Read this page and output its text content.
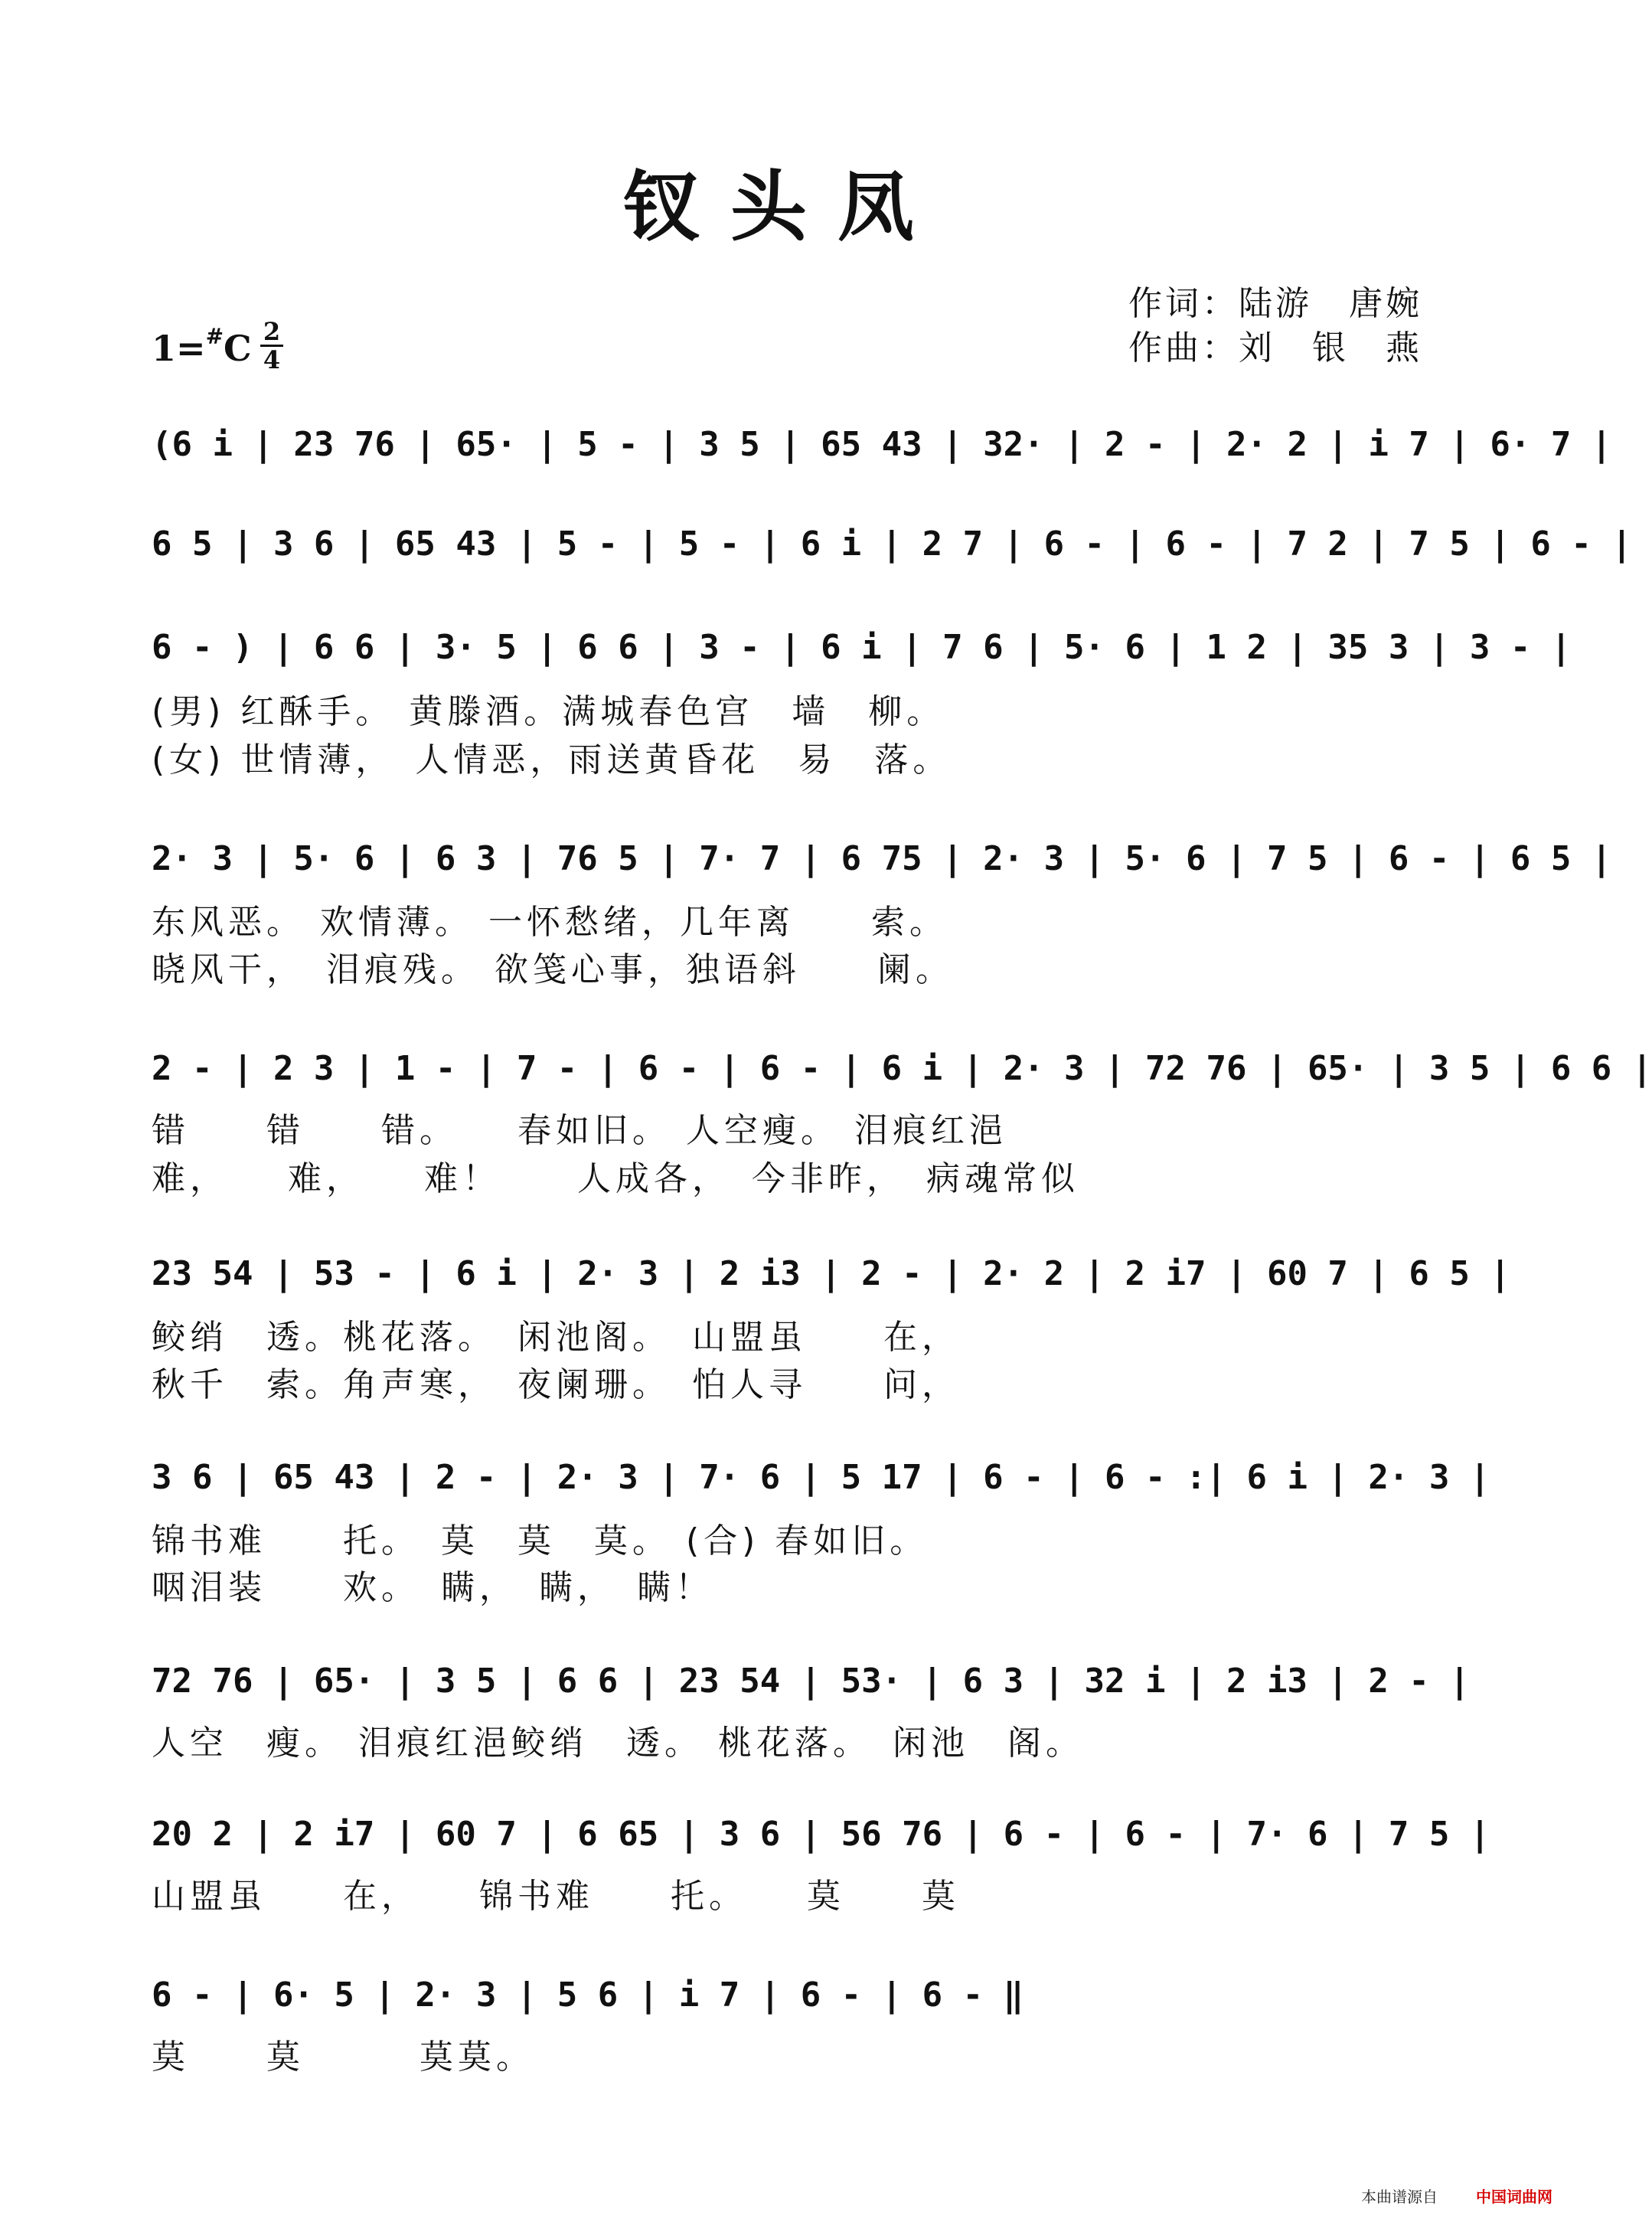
钗头凤
作词：陆游　唐婉
作曲：刘　银　燕
1=#C 2
4
(6 i | 23 76 | 65· | 5 - | 3 5 | 65 43 | 32· | 2 - | 2· 2 | i 7 | 6· 7 |
6 5 | 3 6 | 65 43 | 5 - | 5 - | 6 i | 2 7 | 6 - | 6 - | 7 2 | 7 5 | 6 - |
6 - ) | 6 6 | 3· 5 | 6 6 | 3 - | 6 i | 7 6 | 5· 6 | 1 2 | 35 3 | 3 - |
(男) 红酥手。 黄滕酒。满城春色宫　墙　柳。
(女) 世情薄，　人情恶，雨送黄昏花　易　落。
2· 3 | 5· 6 | 6 3 | 76 5 | 7· 7 | 6 75 | 2· 3 | 5· 6 | 7 5 | 6 - | 6 5 |
东风恶。 欢情薄。 一怀愁绪，几年离　　索。
晓风干，　泪痕残。 欲笺心事，独语斜　　阑。
2 - | 2 3 | 1 - | 7 - | 6 - | 6 - | 6 i | 2· 3 | 72 76 | 65· | 3 5 | 6 6 |
错　　错　　错。　　春如旧。 人空瘦。 泪痕红浥
难，　　难，　　难！　　人成各，　今非昨，　病魂常似
23 54 | 53 - | 6 i | 2· 3 | 2 i3 | 2 - | 2· 2 | 2 i7 | 60 7 | 6 5 |
鲛绡　透。桃花落。　闲池阁。　山盟虽　　在，
秋千　索。角声寒，　夜阑珊。　怕人寻　　问，
3 6 | 65 43 | 2 - | 2· 3 | 7· 6 | 5 17 | 6 - | 6 - :| 6 i | 2· 3 |
锦书难　　托。　莫　莫　莫。 (合) 春如旧。
咽泪装　　欢。　瞒，　瞒，　瞒！
72 76 | 65· | 3 5 | 6 6 | 23 54 | 53· | 6 3 | 32 i | 2 i3 | 2 - |
人空　瘦。 泪痕红浥鲛绡　透。 桃花落。　闲池　阁。
20 2 | 2 i7 | 60 7 | 6 65 | 3 6 | 56 76 | 6 - | 6 - | 7· 6 | 7 5 |
山盟虽　　在，　　锦书难　　托。　　莫　　莫
6 - | 6· 5 | 2· 3 | 5 6 | i 7 | 6 - | 6 - ‖
莫　　莫　　　莫莫。
本曲谱源自	中国词曲网
